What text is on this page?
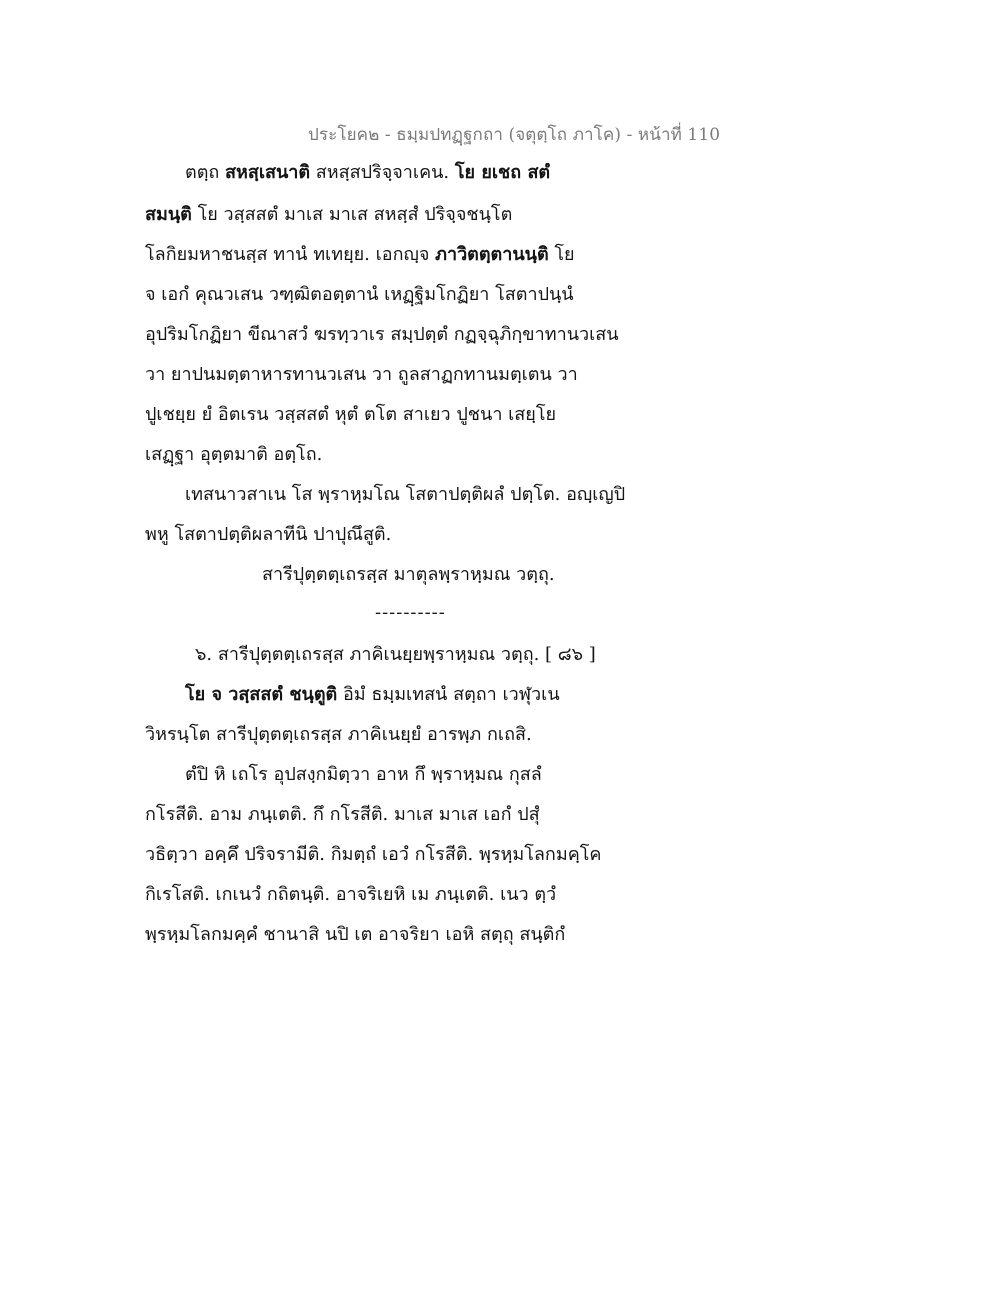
ประโยค๒ - ธมฺมปทฏฺฐกถา (จตุตฺโถ ภาโค) - หน้าที่ 110
ตตฺถ สหสฺเสนาติ สหสฺสปริจฺจาเคน. โย ยเชถ สตํ
สมนฺติ โย วสฺสสตํ มาเส มาเส สหสฺสํ ปริจฺจชนฺโต
โลกิยมหาชนสฺส ทานํ ทเทยฺย. เอกญฺจ ภาวิตตฺตานนฺติ โย
จ เอกํ คุณวเสน วฑฺฒิตอตฺตานํ เหฏฺฐิมโกฏิยา โสตาปนฺนํ
อุปริมโกฏิยา ขีณาสวํ ฆรทฺวาเร สมฺปตฺตํ กฏจฺฉุภิกฺขาทานวเสน
วา ยาปนมตฺตาหารทานวเสน วา ถูลสาฏกทานมตฺเตน วา
ปูเชยฺย ยํ อิตเรน วสฺสสตํ หุตํ ตโต สาเยว ปูชนา เสยฺโย
เสฏฺฐา อุตฺตมาติ อตฺโถ.
เทสนาวสาเน โส พฺราหฺมโณ โสตาปตฺติผลํ ปตฺโต. อญฺเญปิ
พหู โสตาปตฺติผลาทีนิ ปาปุณึสูติ.
สารีปุตฺตตฺเถรสฺส มาตุลพฺราหฺมณ วตฺถุ.
----------
๖. สารีปุตฺตตฺเถรสฺส ภาคิเนยฺยพฺราหฺมณ วตฺถุ. [ ๘๖ ]
โย จ วสฺสสตํ ชนฺตูติ อิมํ ธมฺมเทสนํ สตฺถา เวฬุวเน
วิหรนฺโต สารีปุตฺตตฺเถรสฺส ภาคิเนยฺยํ อารพฺภ กเถสิ.
ตํปิ หิ เถโร อุปสงฺกมิตฺวา อาห กึ พฺราหฺมณ กุสลํ
กโรสีติ. อาม ภนฺเตติ. กึ กโรสีติ. มาเส มาเส เอกํ ปสุํ
วธิตฺวา อคฺคึ ปริจรามีติ. กิมตฺถํ เอวํ กโรสีติ. พฺรหฺมโลกมคฺโค
กิเรโสติ. เกเนวํ กถิตนฺติ. อาจริเยหิ เม ภนฺเตติ. เนว ตฺวํ
พฺรหฺมโลกมคฺคํ ชานาสิ นปิ เต อาจริยา เอหิ สตฺถุ สนฺติกํ
